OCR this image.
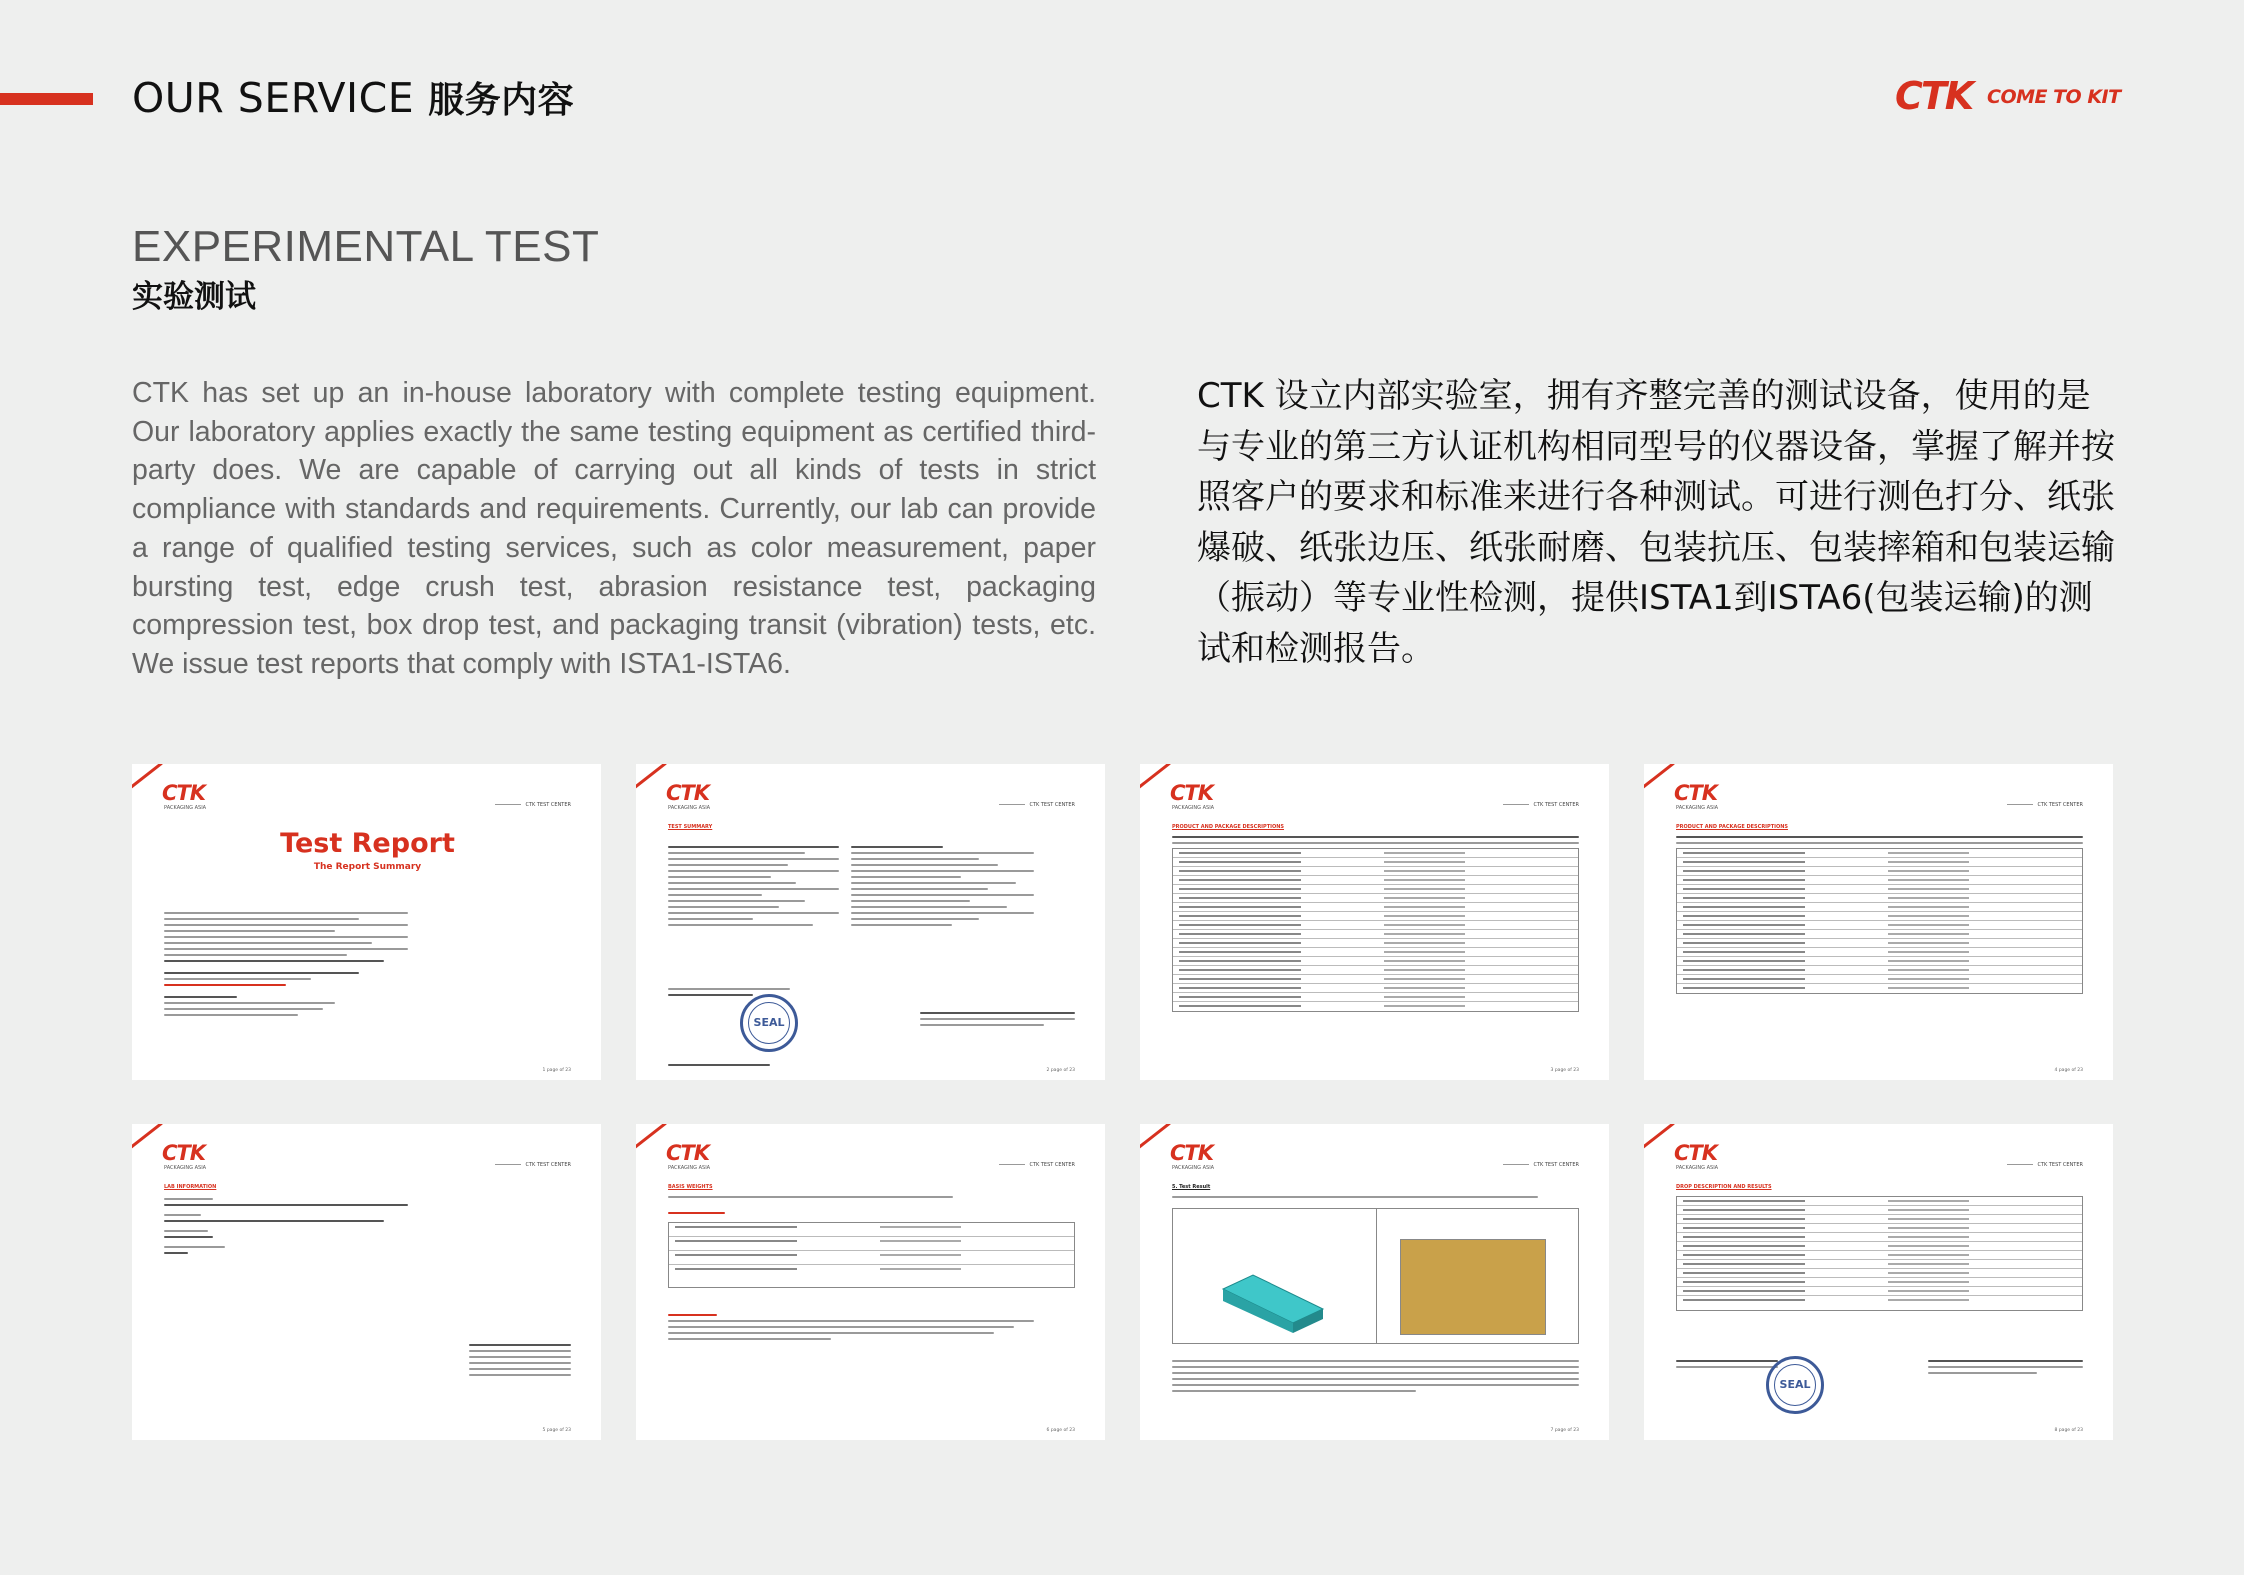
OUR SERVICE 服务内容	CTK COME TO KIT
EXPERIMENTAL TEST
实验测试

CTK has set up an in-house laboratory with complete testing equipment. Our laboratory applies exactly the same testing equipment as certified third-party does. We are capable of carrying out all kinds of tests in strict compliance with standards and requirements. Currently, our lab can provide a range of qualified testing services, such as color measurement, paper bursting test, edge crush test, abrasion resistance test, packaging compression test, box drop test, and packaging transit (vibration) tests, etc. We issue test reports that comply with ISTA1-ISTA6.

CTK 设立内部实验室，拥有齐整完善的测试设备，使用的是与专业的第三方认证机构相同型号的仪器设备，掌握了解并按照客户的要求和标准来进行各种测试。可进行测色打分、纸张爆破、纸张边压、纸张耐磨、包装抗压、包装摔箱和包装运输（振动）等专业性检测，提供ISTA1到ISTA6(包装运输)的测试和检测报告。

CTK
PACKAGING ASIA	CTK TEST CENTER
Test Report
The Report Summary
1 page of 23
CTK
PACKAGING ASIA	CTK TEST CENTER
TEST SUMMARY
SEAL
2 page of 23
CTK
PACKAGING ASIA	CTK TEST CENTER
PRODUCT AND PACKAGE DESCRIPTIONS
3 page of 23
CTK
PACKAGING ASIA	CTK TEST CENTER
PRODUCT AND PACKAGE DESCRIPTIONS
4 page of 23
CTK
PACKAGING ASIA	CTK TEST CENTER
LAB INFORMATION
5 page of 23
CTK
PACKAGING ASIA	CTK TEST CENTER
BASIS WEIGHTS
6 page of 23
CTK
PACKAGING ASIA	CTK TEST CENTER
5. Test Result
7 page of 23
CTK
PACKAGING ASIA	CTK TEST CENTER
DROP DESCRIPTION AND RESULTS
SEAL
8 page of 23
